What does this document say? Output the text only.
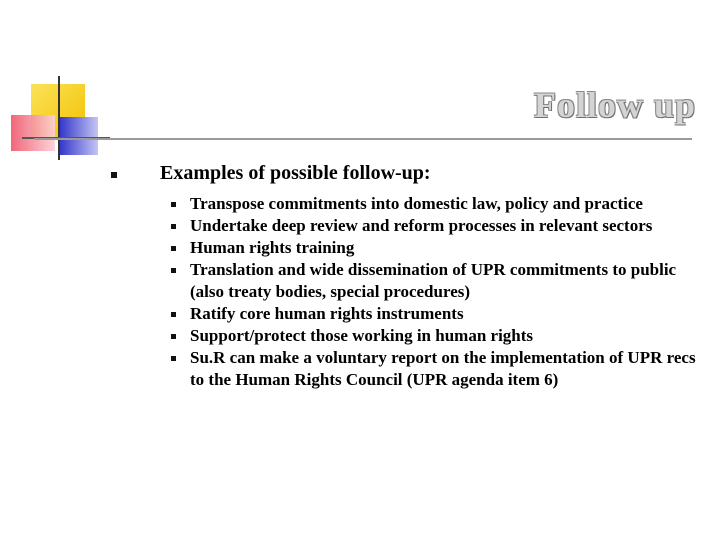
Follow up
Examples of possible follow-up:
Transpose commitments into domestic law, policy and practice
Undertake deep review and reform processes in relevant sectors
Human rights training
Translation and wide dissemination of UPR commitments to public (also treaty bodies, special procedures)
Ratify core human rights instruments
Support/protect those working in human rights
Su.R can make a voluntary report on the implementation of UPR recs to the Human Rights Council (UPR agenda item 6)
